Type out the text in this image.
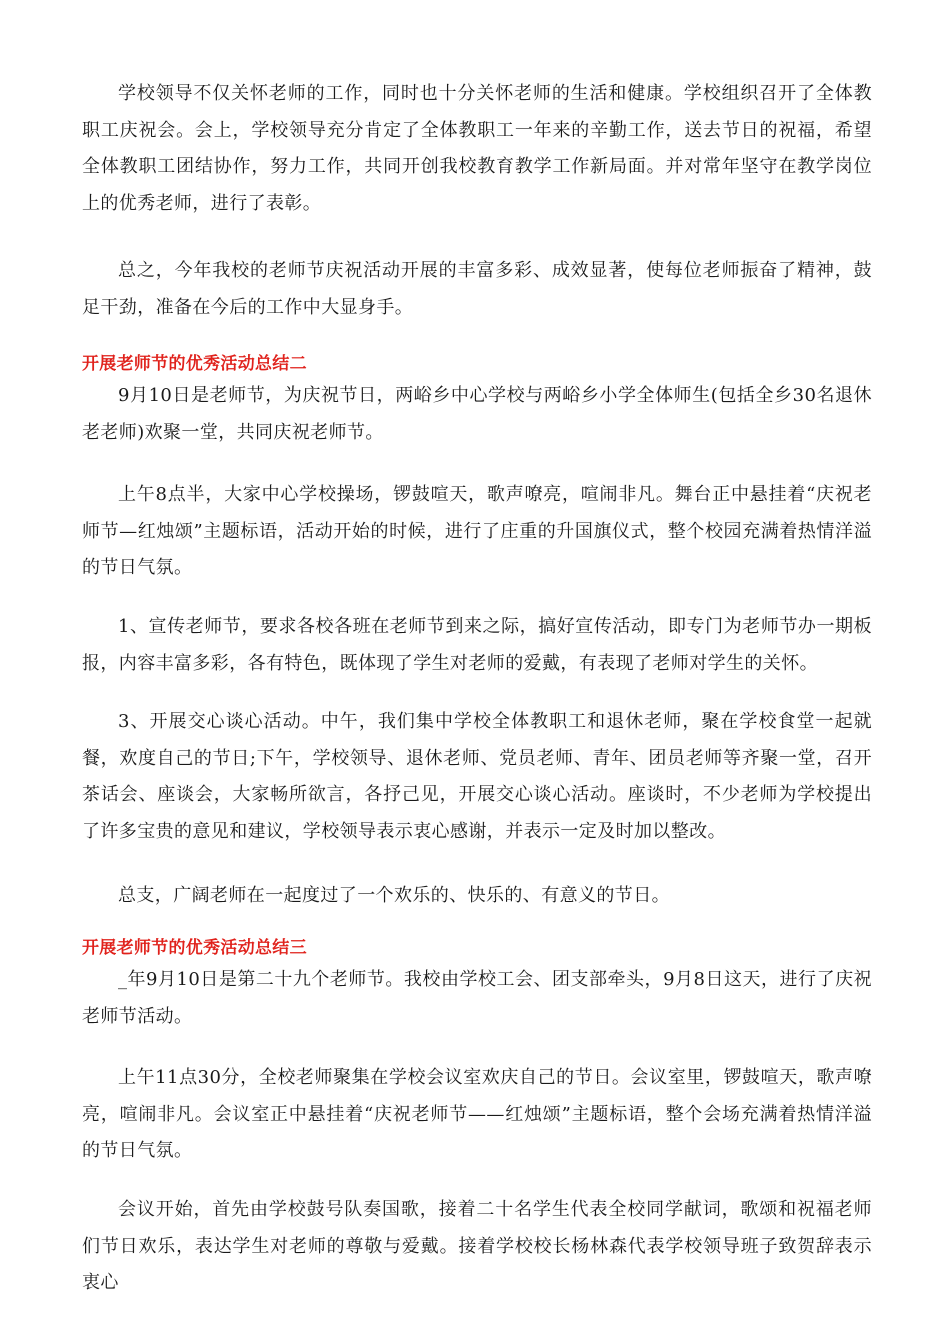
学校领导不仅关怀老师的工作，同时也十分关怀老师的生活和健康。学校组织召开了全体教职工庆祝会。会上，学校领导充分肯定了全体教职工一年来的辛勤工作，送去节日的祝福，希望全体教职工团结协作，努力工作，共同开创我校教育教学工作新局面。并对常年坚守在教学岗位上的优秀老师，进行了表彰。

总之，今年我校的老师节庆祝活动开展的丰富多彩、成效显著，使每位老师振奋了精神，鼓足干劲，准备在今后的工作中大显身手。

开展老师节的优秀活动总结二

9月10日是老师节，为庆祝节日，两峪乡中心学校与两峪乡小学全体师生(包括全乡30名退休老老师)欢聚一堂，共同庆祝老师节。

上午8点半，大家中心学校操场，锣鼓喧天，歌声嘹亮，喧闹非凡。舞台正中悬挂着“庆祝老师节—红烛颂”主题标语，活动开始的时候，进行了庄重的升国旗仪式，整个校园充满着热情洋溢的节日气氛。

1、宣传老师节，要求各校各班在老师节到来之际，搞好宣传活动，即专门为老师节办一期板报，内容丰富多彩，各有特色，既体现了学生对老师的爱戴，有表现了老师对学生的关怀。

3、开展交心谈心活动。中午，我们集中学校全体教职工和退休老师，聚在学校食堂一起就餐，欢度自己的节日;下午，学校领导、退休老师、党员老师、青年、团员老师等齐聚一堂，召开茶话会、座谈会，大家畅所欲言，各抒己见，开展交心谈心活动。座谈时，不少老师为学校提出了许多宝贵的意见和建议，学校领导表示衷心感谢，并表示一定及时加以整改。

总支，广阔老师在一起度过了一个欢乐的、快乐的、有意义的节日。

开展老师节的优秀活动总结三

_年9月10日是第二十九个老师节。我校由学校工会、团支部牵头，9月8日这天，进行了庆祝老师节活动。

上午11点30分，全校老师聚集在学校会议室欢庆自己的节日。会议室里，锣鼓喧天，歌声嘹亮，喧闹非凡。会议室正中悬挂着“庆祝老师节——红烛颂”主题标语，整个会场充满着热情洋溢的节日气氛。

会议开始，首先由学校鼓号队奏国歌，接着二十名学生代表全校同学献词，歌颂和祝福老师们节日欢乐，表达学生对老师的尊敬与爱戴。接着学校校长杨林森代表学校领导班子致贺辞表示衷心
